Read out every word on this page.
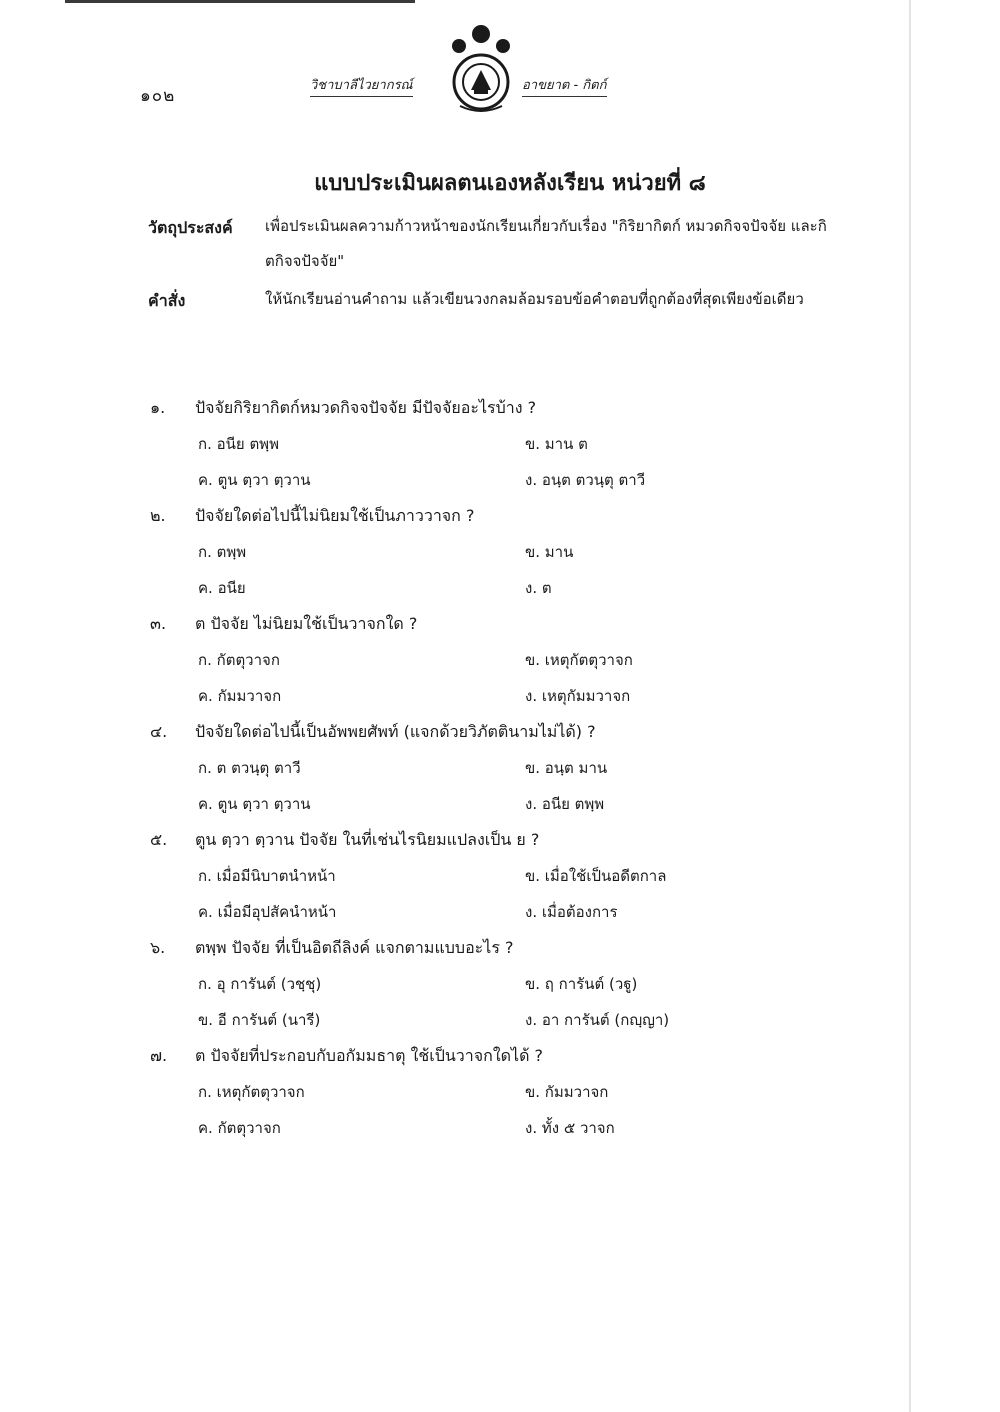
๑๐๒
วิชาบาลีไวยากรณ์	อาขยาต - กิตก์
แบบประเมินผลตนเองหลังเรียน หน่วยที่ ๘
วัตถุประสงค์ เพื่อประเมินผลความก้าวหน้าของนักเรียนเกี่ยวกับเรื่อง "กิริยากิตก์ หมวดกิจจปัจจัย และกิตกิจจปัจจัย"
คำสั่ง	ให้นักเรียนอ่านคำถาม แล้วเขียนวงกลมล้อมรอบข้อคำตอบที่ถูกต้องที่สุดเพียงข้อเดียว
๑. ปัจจัยกิริยากิตก์หมวดกิจจปัจจัย มีปัจจัยอะไรบ้าง ?
ก. อนีย ตพฺพ	ข. มาน ต
ค. ตูน ตฺวา ตฺวาน	ง. อนฺต ตวนฺตุ ตาวี
๒. ปัจจัยใดต่อไปนี้ไม่นิยมใช้เป็นภาววาจก ?
ก. ตพฺพ	ข. มาน
ค. อนีย	ง. ต
๓. ต ปัจจัย ไม่นิยมใช้เป็นวาจกใด ?
ก. กัตตุวาจก	ข. เหตุกัตตุวาจก
ค. กัมมวาจก	ง. เหตุกัมมวาจก
๔. ปัจจัยใดต่อไปนี้เป็นอัพพยศัพท์ (แจกด้วยวิภัตตินามไม่ได้) ?
ก. ต ตวนฺตุ ตาวี	ข. อนฺต มาน
ค. ตูน ตฺวา ตฺวาน	ง. อนีย ตพฺพ
๕. ตูน ตฺวา ตฺวาน ปัจจัย ในที่เช่นไรนิยมแปลงเป็น ย ?
ก. เมื่อมีนิบาตนำหน้า	ข. เมื่อใช้เป็นอดีตกาล
ค. เมื่อมีอุปสัคนำหน้า	ง. เมื่อต้องการ
๖. ตพฺพ ปัจจัย ที่เป็นอิตถีลิงค์ แจกตามแบบอะไร ?
ก. อุ การันต์ (วชฺชุ)	ข. ฤ การันต์ (วฐู)
ข. อี การันต์ (นารี)	ง. อา การันต์ (กญฺญา)
๗. ต ปัจจัยที่ประกอบกับอกัมมธาตุ ใช้เป็นวาจกใดได้ ?
ก. เหตุกัตตุวาจก	ข. กัมมวาจก
ค. กัตตุวาจก	ง. ทั้ง ๕ วาจก
